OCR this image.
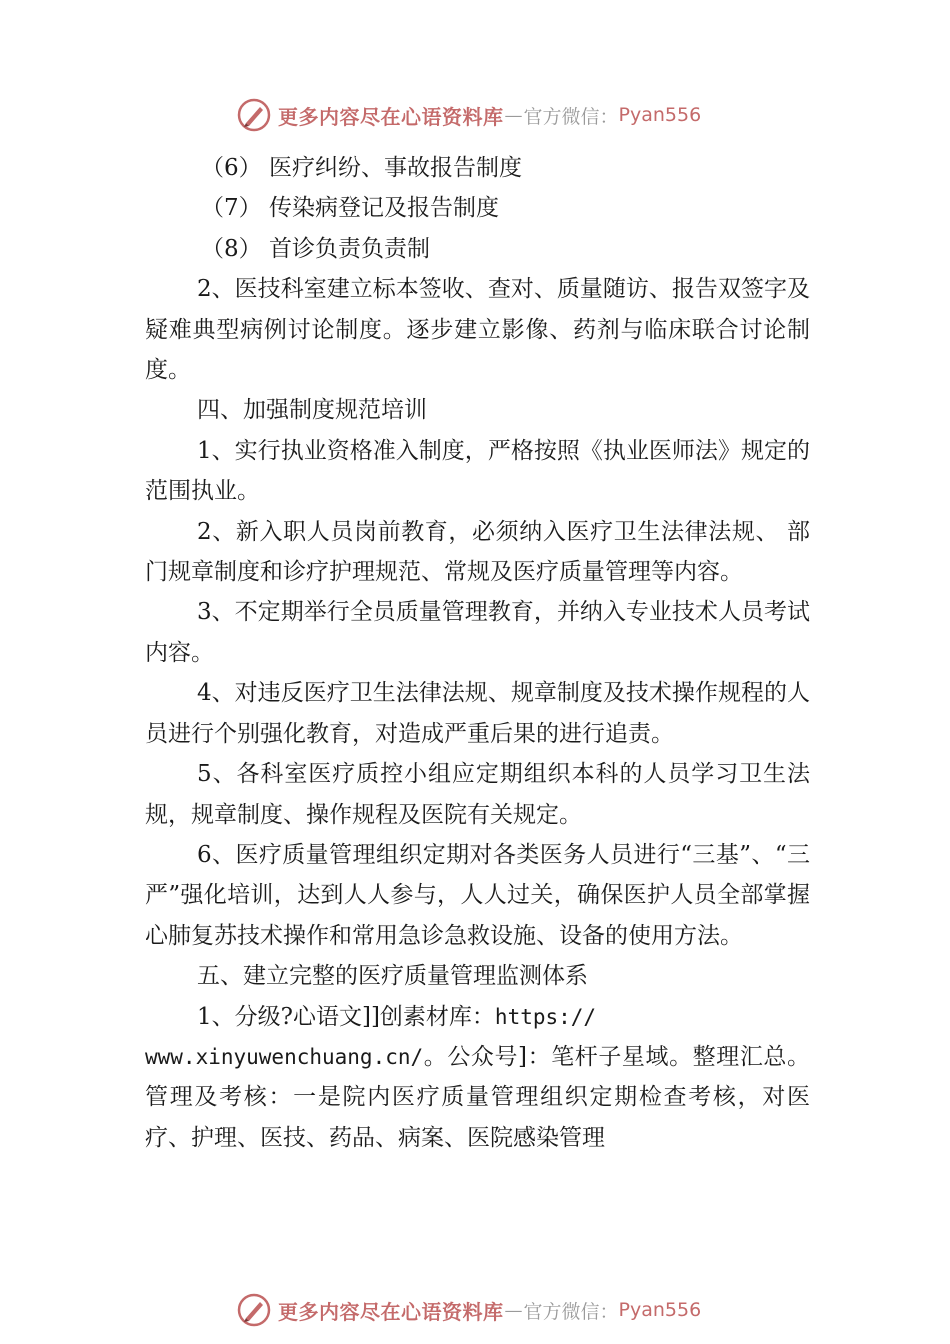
更多内容尽在心语资料库 — 官方微信： Pyan556

（6） 医疗纠纷、事故报告制度

（7） 传染病登记及报告制度

（8） 首诊负责负责制

2、医技科室建立标本签收、查对、质量随访、报告双签字及疑难典型病例讨论制度。逐步建立影像、药剂与临床联合讨论制度。

四、加强制度规范培训

1、实行执业资格准入制度，严格按照《执业医师法》规定的范围执业。

2、新入职人员岗前教育，必须纳入医疗卫生法律法规、 部门规章制度和诊疗护理规范、常规及医疗质量管理等内容。

3、不定期举行全员质量管理教育，并纳入专业技术人员考试内容。

4、对违反医疗卫生法律法规、规章制度及技术操作规程的人员进行个别强化教育，对造成严重后果的进行追责。

5、各科室医疗质控小组应定期组织本科的人员学习卫生法规，规章制度、操作规程及医院有关规定。

6、医疗质量管理组织定期对各类医务人员进行“三基”、“三严”强化培训，达到人人参与，人人过关，确保医护人员全部掌握心肺复苏技术操作和常用急诊急救设施、设备的使用方法。

五、建立完整的医疗质量管理监测体系

1、分级?心语文]]创素材库：https://
www.xinyuwenchuang.cn/。公众号]：笔杆子星域。整理汇总。管理及考核：一是院内医疗质量管理组织定期检查考核，对医疗、护理、医技、药品、病案、医院感染管理

更多内容尽在心语资料库 — 官方微信： Pyan556
